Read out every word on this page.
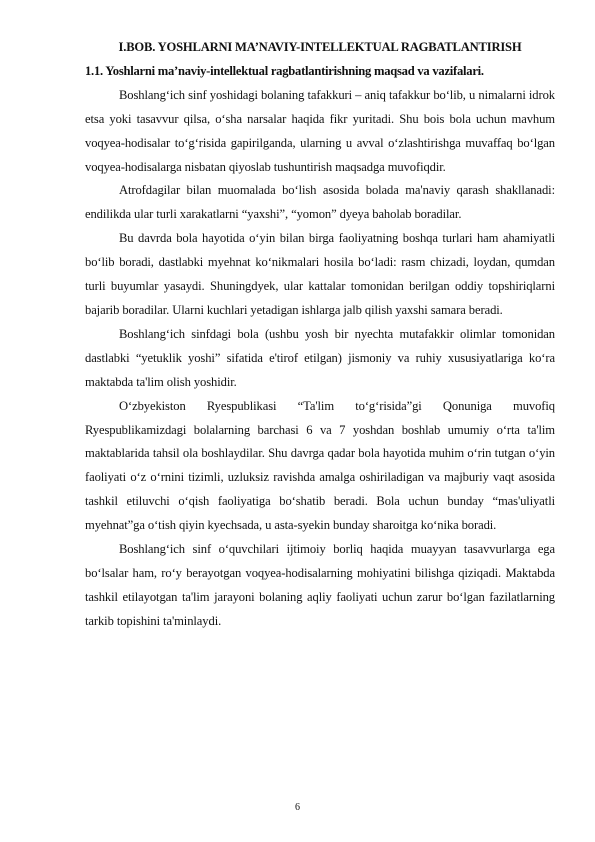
I.BOB. YOSHLARNI MA’NAVIY-INTELLEKTUAL RAGBATLANTIRISH

1.1. Yoshlarni ma’naviy-intellektual ragbatlantirishning maqsad va vazifalari.

Boshlang‘ich sinf yoshidagi bolaning tafakkuri – aniq tafakkur bo‘lib, u nimalarni idrok etsa yoki tasavvur qilsa, o‘sha narsalar haqida fikr yuritadi. Shu bois bola uchun mavhum voqyea-hodisalar to‘g‘risida gapirilganda, ularning u avval o‘zlashtirishga muvaffaq bo‘lgan voqyea-hodisalarga nisbatan qiyoslab tushuntirish maqsadga muvofiqdir.

Atrofdagilar bilan muomalada bo‘lish asosida bolada ma'naviy qarash shakllanadi: endilikda ular turli xarakatlarni “yaxshi”, “yomon” dyeya baholab boradilar.

Bu davrda bola hayotida o‘yin bilan birga faoliyatning boshqa turlari ham ahamiyatli bo‘lib boradi, dastlabki myehnat ko‘nikmalari hosila bo‘ladi: rasm chizadi, loydan, qumdan turli buyumlar yasaydi. Shuningdyek, ular kattalar tomonidan berilgan oddiy topshiriqlarni bajarib boradilar. Ularni kuchlari yetadigan ishlarga jalb qilish yaxshi samara beradi.

Boshlang‘ich sinfdagi bola (ushbu yosh bir nyechta mutafakkir olimlar tomonidan dastlabki “yetuklik yoshi” sifatida e'tirof etilgan) jismoniy va ruhiy xususiyatlariga ko‘ra maktabda ta'lim olish yoshidir.

O‘zbyekiston Ryespublikasi “Ta'lim to‘g‘risida”gi Qonuniga muvofiq Ryespublikamizdagi bolalarning barchasi 6 va 7 yoshdan boshlab umumiy o‘rta ta'lim maktablarida tahsil ola boshlaydilar. Shu davrga qadar bola hayotida muhim o‘rin tutgan o‘yin faoliyati o‘z o‘rnini tizimli, uzluksiz ravishda amalga oshiriladigan va majburiy vaqt asosida tashkil etiluvchi o‘qish faoliyatiga bo‘shatib beradi. Bola uchun bunday “mas'uliyatli myehnat”ga o‘tish qiyin kyechsada, u asta-syekin bunday sharoitga ko‘nika boradi.

Boshlang‘ich sinf o‘quvchilari ijtimoiy borliq haqida muayyan tasavvurlarga ega bo‘lsalar ham, ro‘y berayotgan voqyea-hodisalarning mohiyatini bilishga qiziqadi. Maktabda tashkil etilayotgan ta'lim jarayoni bolaning aqliy faoliyati uchun zarur bo‘lgan fazilatlarning tarkib topishini ta'minlaydi.

6
